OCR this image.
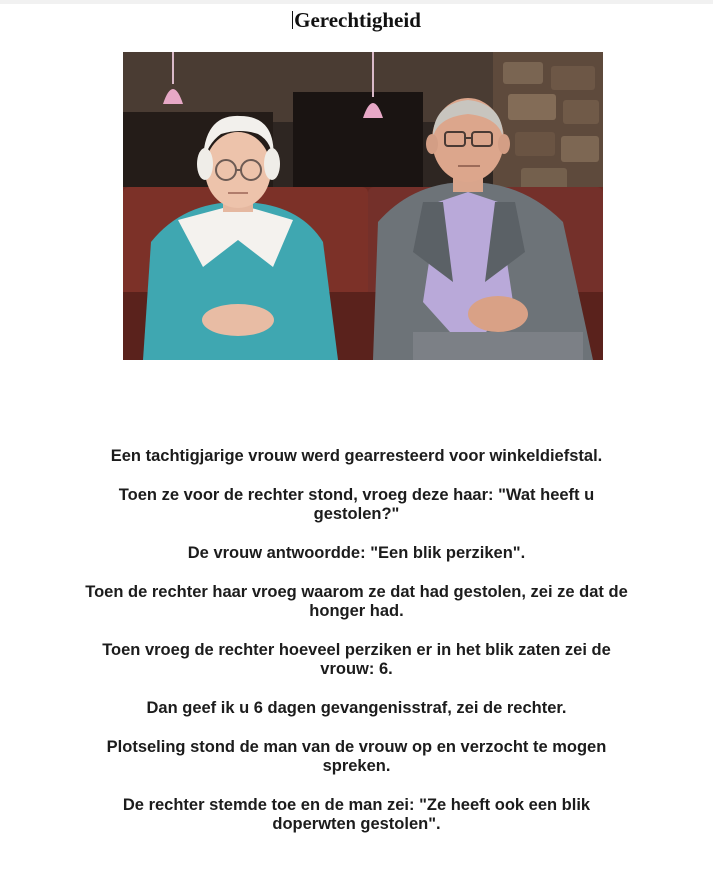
Gerechtigheid

Een tachtigjarige vrouw werd gearresteerd voor winkeldiefstal.

Toen ze voor de rechter stond, vroeg deze haar: "Wat heeft u gestolen?"

De vrouw antwoordde: "Een blik perziken".

Toen de rechter haar vroeg waarom ze dat had gestolen, zei ze dat de honger had.

Toen vroeg de rechter hoeveel perziken er in het blik zaten zei de vrouw: 6.

Dan geef ik u 6 dagen gevangenisstraf, zei de rechter.

Plotseling stond de man van de vrouw op en verzocht te mogen spreken.

De rechter stemde toe en de man zei: "Ze heeft ook een blik doperwten gestolen".
